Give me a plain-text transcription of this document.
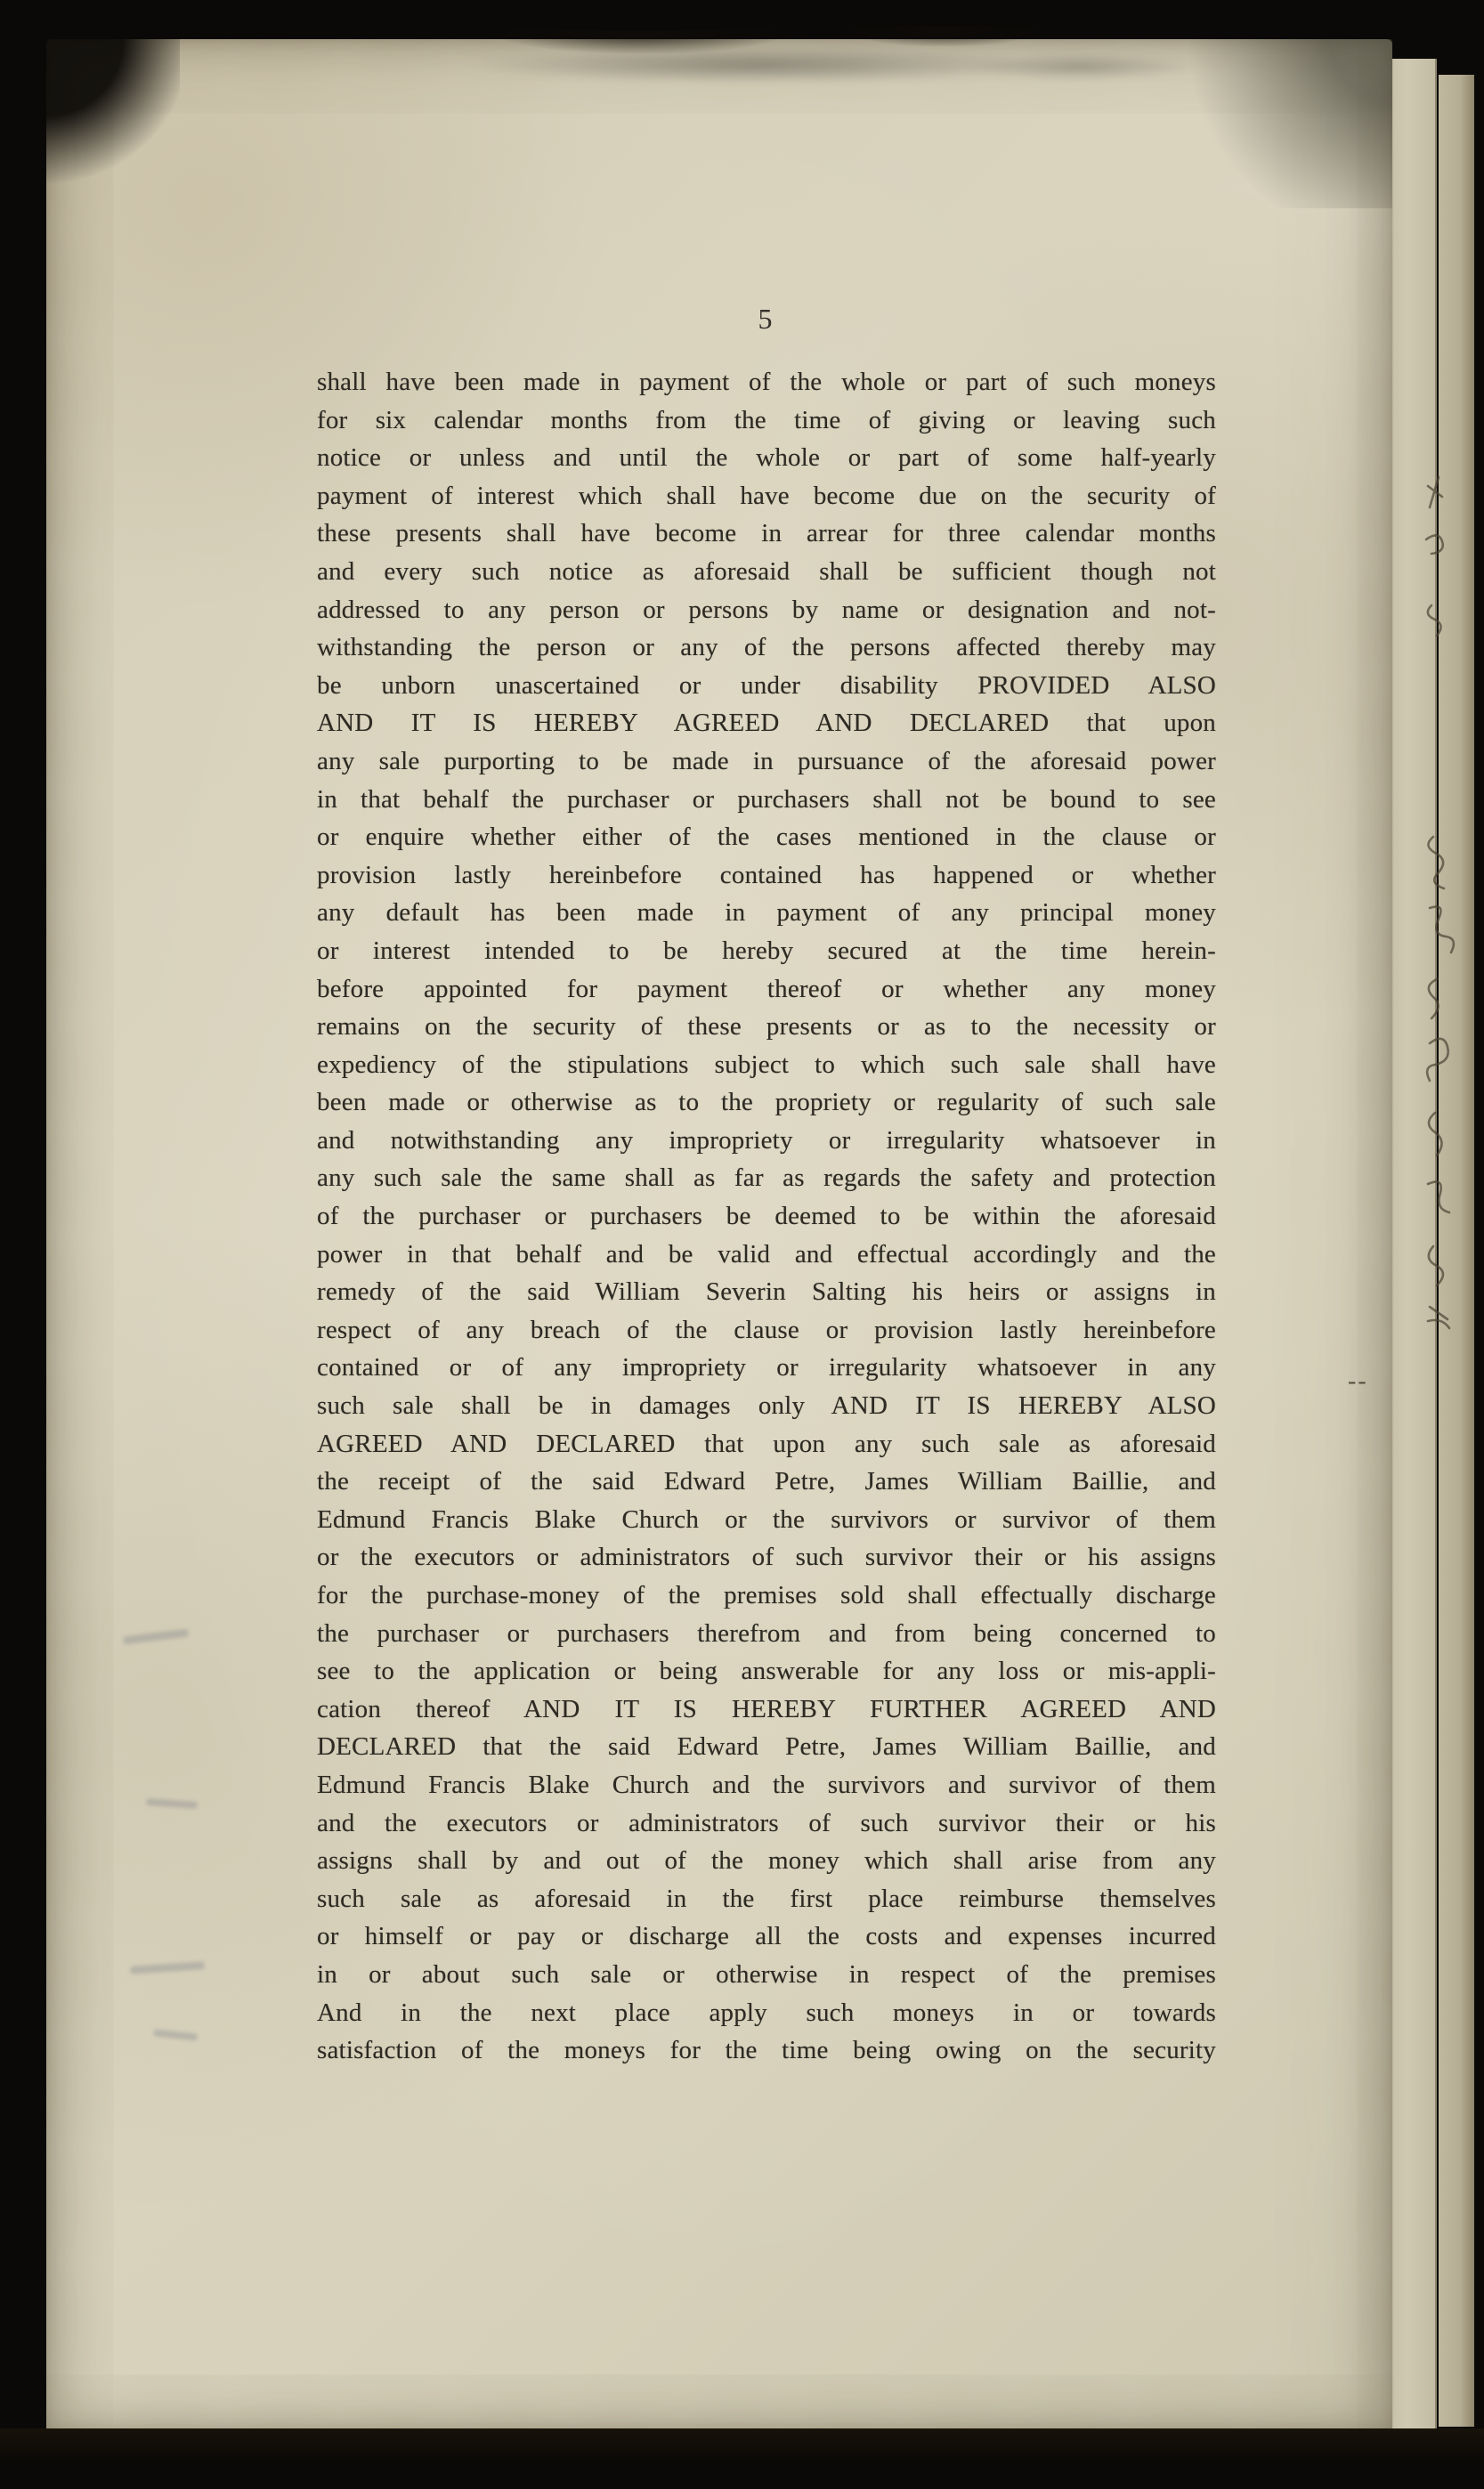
5
shall have been made in payment of the whole or part of such moneys
for six calendar months from the time of giving or leaving such
notice or unless and until the whole or part of some half-yearly
payment of interest which shall have become due on the security of
these presents shall have become in arrear for three calendar months
and every such notice as aforesaid shall be sufficient though not
addressed to any person or persons by name or designation and not-
withstanding the person or any of the persons affected thereby may
be unborn unascertained or under disability PROVIDED ALSO
AND IT IS HEREBY AGREED AND DECLARED that upon
any sale purporting to be made in pursuance of the aforesaid power
in that behalf the purchaser or purchasers shall not be bound to see
or enquire whether either of the cases mentioned in the clause or
provision lastly hereinbefore contained has happened or whether
any default has been made in payment of any principal money
or interest intended to be hereby secured at the time herein-
before appointed for payment thereof or whether any money
remains on the security of these presents or as to the necessity or
expediency of the stipulations subject to which such sale shall have
been made or otherwise as to the propriety or regularity of such sale
and notwithstanding any impropriety or irregularity whatsoever in
any such sale the same shall as far as regards the safety and protection
of the purchaser or purchasers be deemed to be within the aforesaid
power in that behalf and be valid and effectual accordingly and the
remedy of the said William Severin Salting his heirs or assigns in
respect of any breach of the clause or provision lastly hereinbefore
contained or of any impropriety or irregularity whatsoever in any
such sale shall be in damages only AND IT IS HEREBY ALSO
AGREED AND DECLARED that upon any such sale as aforesaid
the receipt of the said Edward Petre, James William Baillie, and
Edmund Francis Blake Church or the survivors or survivor of them
or the executors or administrators of such survivor their or his assigns
for the purchase-money of the premises sold shall effectually discharge
the purchaser or purchasers therefrom and from being concerned to
see to the application or being answerable for any loss or mis-appli-
cation thereof AND IT IS HEREBY FURTHER AGREED AND
DECLARED that the said Edward Petre, James William Baillie, and
Edmund Francis Blake Church and the survivors and survivor of them
and the executors or administrators of such survivor their or his
assigns shall by and out of the money which shall arise from any
such sale as aforesaid in the first place reimburse themselves
or himself or pay or discharge all the costs and expenses incurred
in or about such sale or otherwise in respect of the premises
And in the next place apply such moneys in or towards
satisfaction of the moneys for the time being owing on the security
--
